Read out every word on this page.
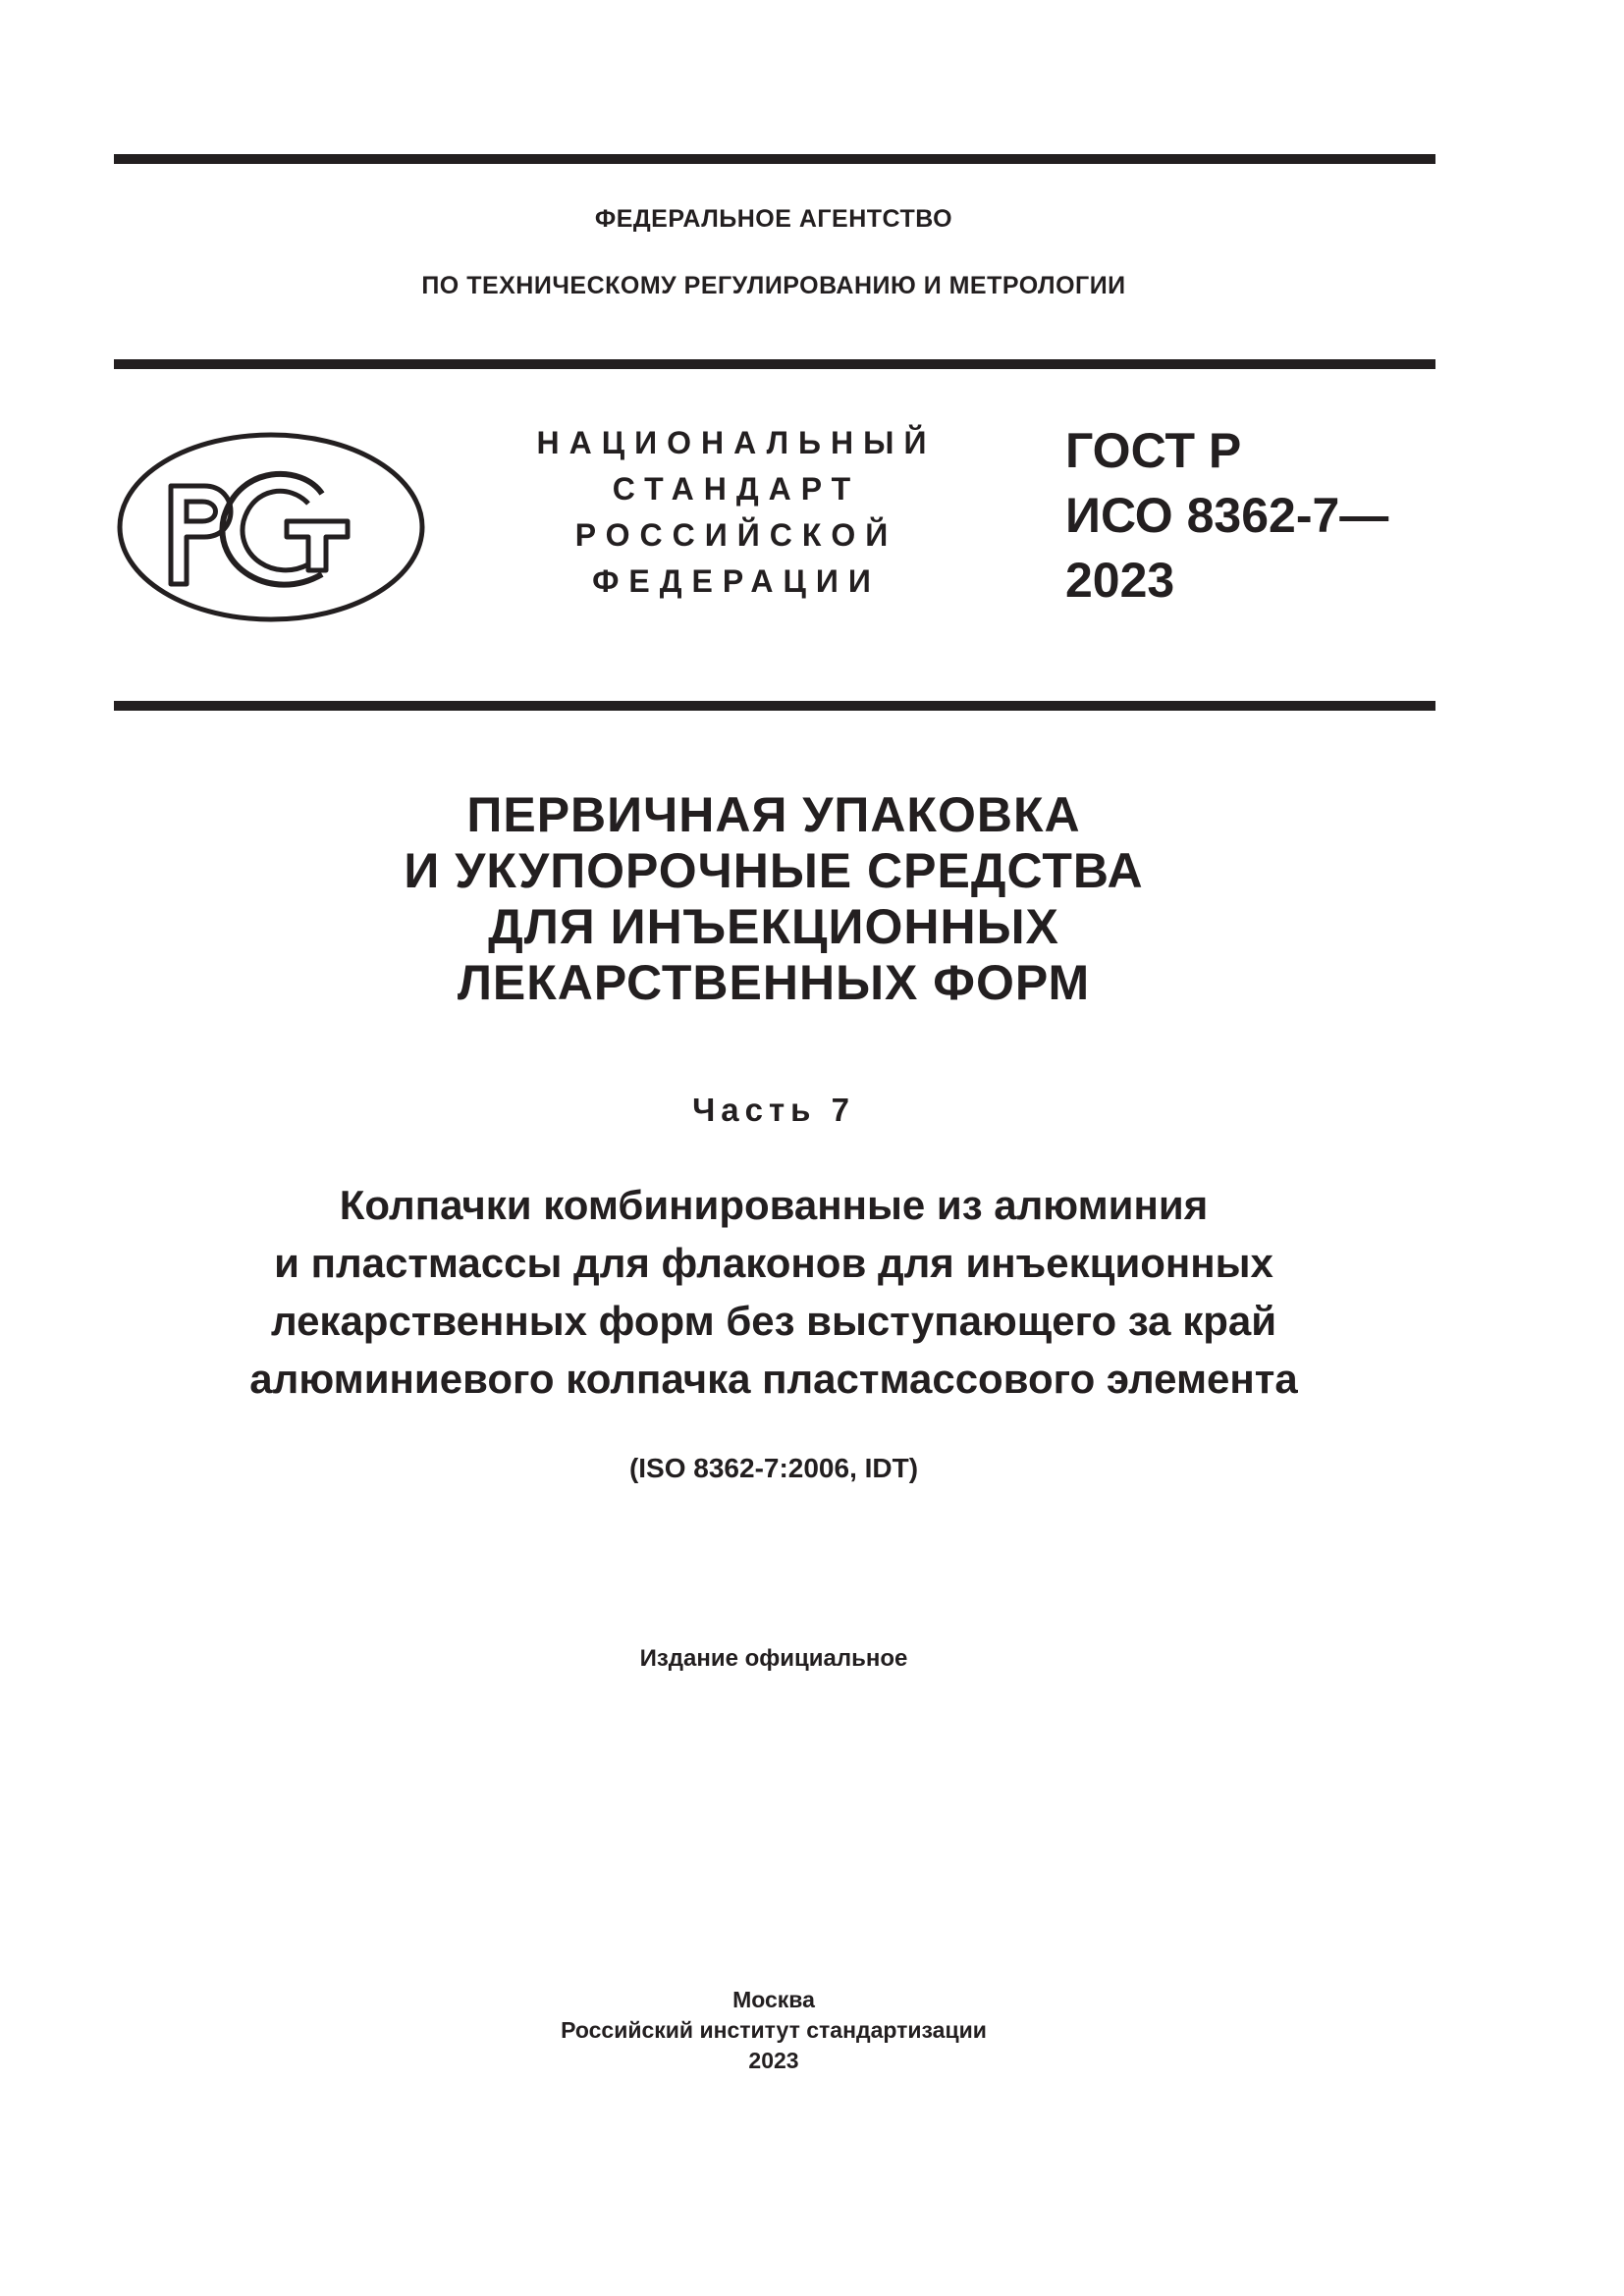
ФЕДЕРАЛЬНОЕ АГЕНТСТВО
ПО ТЕХНИЧЕСКОМУ РЕГУЛИРОВАНИЮ И МЕТРОЛОГИИ
НАЦИОНАЛЬНЫЙ
СТАНДАРТ
РОССИЙСКОЙ
ФЕДЕРАЦИИ
ГОСТ Р
ИСО 8362-7—
2023
ПЕРВИЧНАЯ УПАКОВКА
И УКУПОРОЧНЫЕ СРЕДСТВА
ДЛЯ ИНЪЕКЦИОННЫХ
ЛЕКАРСТВЕННЫХ ФОРМ
Часть 7
Колпачки комбинированные из алюминия
и пластмассы для флаконов для инъекционных
лекарственных форм без выступающего за край
алюминиевого колпачка пластмассового элемента
(ISO 8362-7:2006, IDT)
Издание официальное
Москва
Российский институт стандартизации
2023
